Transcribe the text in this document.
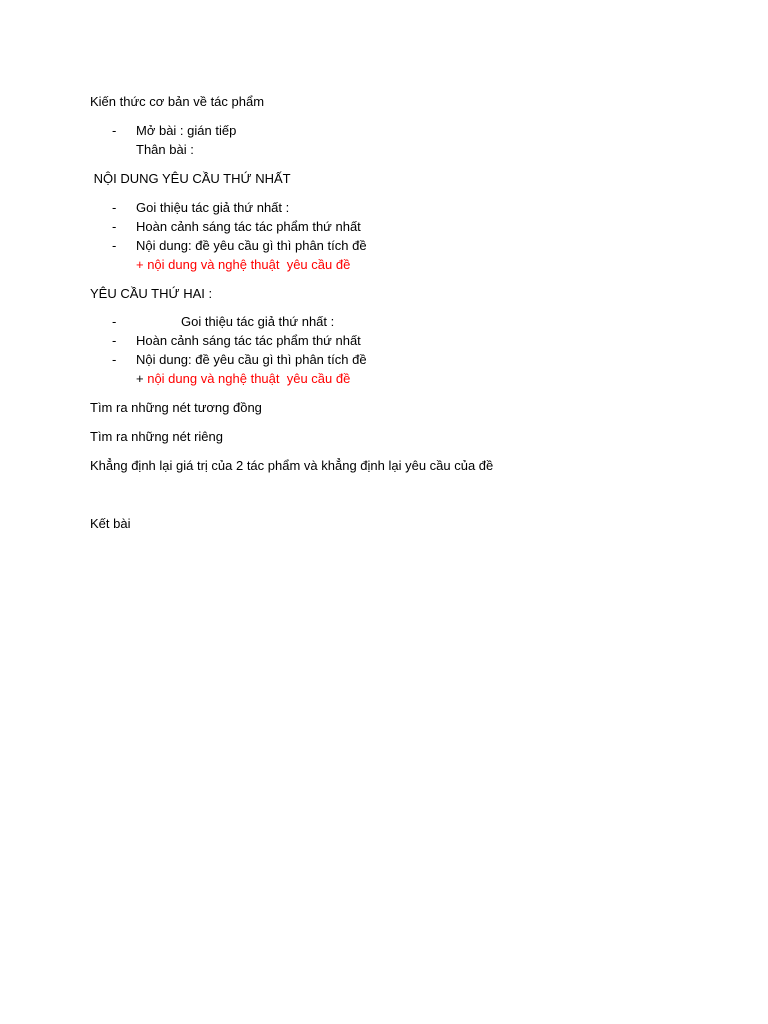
Kiến thức cơ bản về tác phẩm
- Mở bài : gián tiếp
Thân bài :
NỘI DUNG YÊU CẦU THỨ NHẤT
- Goi thiệu tác giả thứ nhất :
- Hoàn cảnh sáng tác tác phẩm thứ nhất
- Nội dung: đề yêu cầu gì thì phân tích đề
+ nội dung và nghệ thuật  yêu cầu đề
YÊU CẦU THỨ HAI :
-	Goi thiệu tác giả thứ nhất :
- Hoàn cảnh sáng tác tác phẩm thứ nhất
- Nội dung: đề yêu cầu gì thì phân tích đề
+ nội dung và nghệ thuật  yêu cầu đề
Tìm ra những nét tương đồng
Tìm ra những nét riêng
Khẳng định lại giá trị của 2 tác phẩm và khẳng định lại yêu cầu của đề
Kết bài
